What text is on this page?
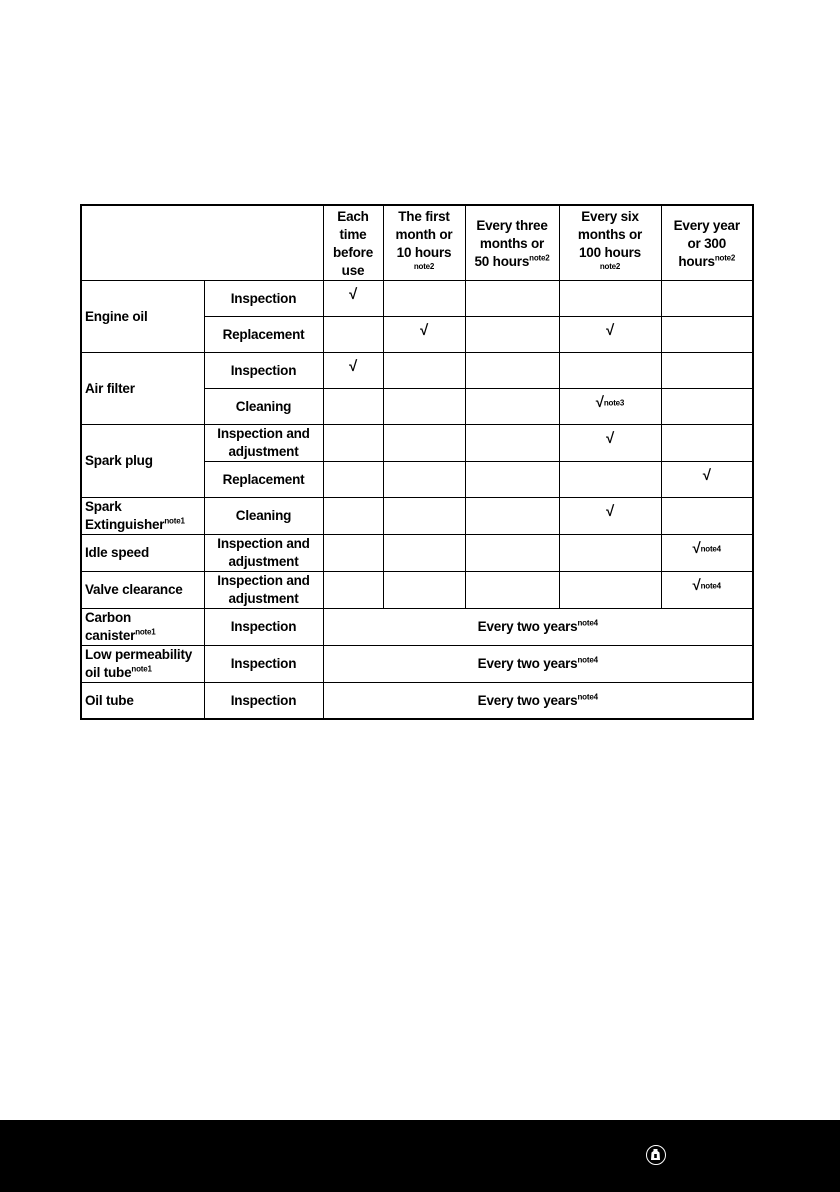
		Each
time
before
use	The first
month or
10 hours
$^{note2}$	Every three
months or
50 hours$^{note2}$	Every six
months or
100 hours
$^{note2}$	Every year
or 300
hours$^{note2}$
Engine oil	Inspection	√				
	Replacement		√		√	
Air filter	Inspection	√				
	Cleaning				√$^{note3}$	
Spark plug	Inspection and
adjustment				√	
	Replacement					√
Spark
Extinguisher$^{note1}$	Cleaning				√	
Idle speed	Inspection and
adjustment					√$^{note4}$
Valve clearance	Inspection and
adjustment					√$^{note4}$
Carbon
canister$^{note1}$	Inspection	Every two years$^{note4}$
Low permeability
oil tube$^{note1}$	Inspection	Every two years$^{note4}$
Oil tube	Inspection	Every two years$^{note4}$
